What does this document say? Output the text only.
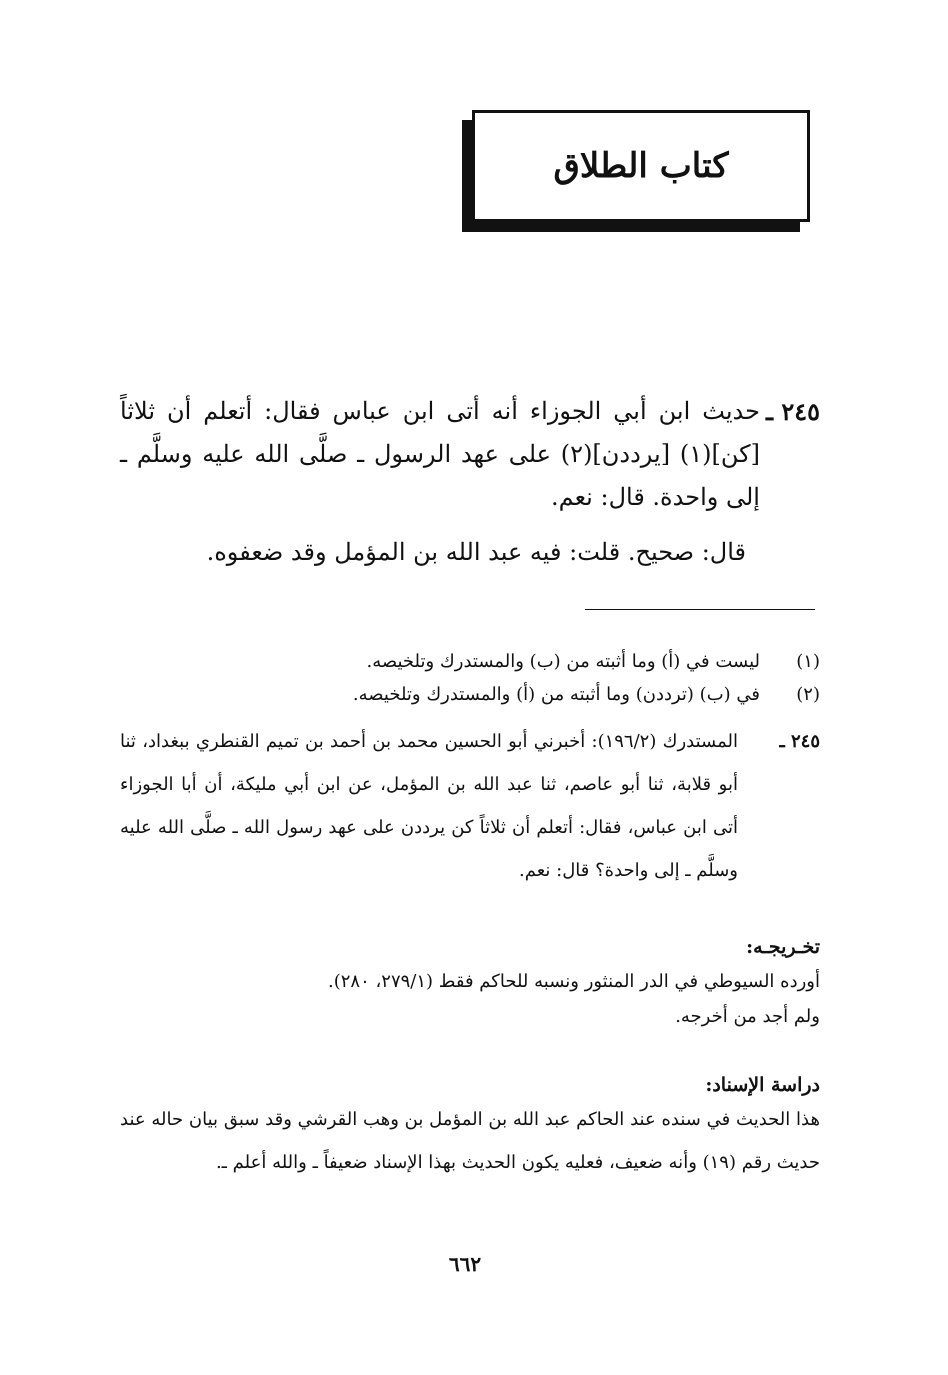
كتاب الطلاق
٢٤٥ ـ
حديث ابن أبي الجوزاء أنه أتى ابن عباس فقال: أتعلم أن ثلاثاً [كن](١) [يرددن](٢) على عهد الرسول ـ صلَّى الله عليه وسلَّم ـ إلى واحدة. قال: نعم.
قال: صحيح. قلت: فيه عبد الله بن المؤمل وقد ضعفوه.
(١)
ليست في (أ) وما أثبته من (ب) والمستدرك وتلخيصه.
(٢)
في (ب) (ترددن) وما أثبته من (أ) والمستدرك وتلخيصه.
٢٤٥ ـ
المستدرك (١٩٦/٢): أخبرني أبو الحسين محمد بن أحمد بن تميم القنطري ببغداد، ثنا أبو قلابة، ثنا أبو عاصم، ثنا عبد الله بن المؤمل، عن ابن أبي مليكة، أن أبا الجوزاء أتى ابن عباس، فقال: أتعلم أن ثلاثاً كن يرددن على عهد رسول الله ـ صلَّى الله عليه وسلَّم ـ إلى واحدة؟ قال: نعم.
تخـريجـه:

أورده السيوطي في الدر المنثور ونسبه للحاكم فقط (٢٧٩/١، ٢٨٠).

ولم أجد من أخرجه.

دراسة الإسناد:

هذا الحديث في سنده عند الحاكم عبد الله بن المؤمل بن وهب القرشي وقد سبق بيان حاله عند حديث رقم (١٩) وأنه ضعيف، فعليه يكون الحديث بهذا الإسناد ضعيفاً ـ والله أعلم ـ.

٦٦٢
